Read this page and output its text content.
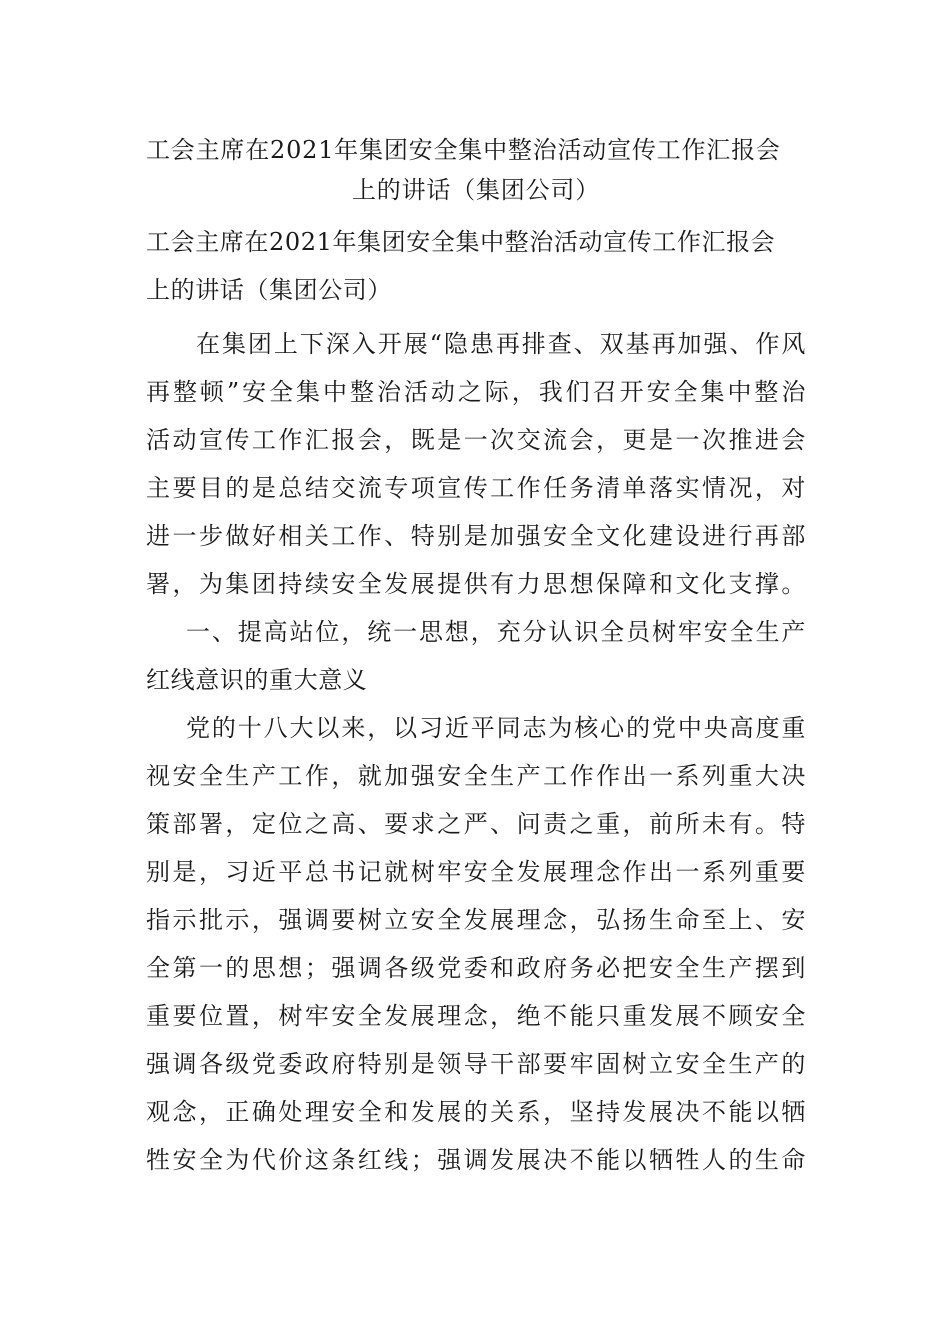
工会主席在2021年集团安全集中整治活动宣传工作汇报会
上的讲话（集团公司）
工会主席在2021年集团安全集中整治活动宣传工作汇报会
上的讲话（集团公司）
在集团上下深入开展“隐患再排查、双基再加强、作风
再整顿”安全集中整治活动之际，我们召开安全集中整治
活动宣传工作汇报会，既是一次交流会，更是一次推进会
主要目的是总结交流专项宣传工作任务清单落实情况，对
进一步做好相关工作、特别是加强安全文化建设进行再部
署，为集团持续安全发展提供有力思想保障和文化支撑。
一、提高站位，统一思想，充分认识全员树牢安全生产
红线意识的重大意义
党的十八大以来，以习近平同志为核心的党中央高度重
视安全生产工作，就加强安全生产工作作出一系列重大决
策部署，定位之高、要求之严、问责之重，前所未有。特
别是，习近平总书记就树牢安全发展理念作出一系列重要
指示批示，强调要树立安全发展理念，弘扬生命至上、安
全第一的思想；强调各级党委和政府务必把安全生产摆到
重要位置，树牢安全发展理念，绝不能只重发展不顾安全
强调各级党委政府特别是领导干部要牢固树立安全生产的
观念，正确处理安全和发展的关系，坚持发展决不能以牺
牲安全为代价这条红线；强调发展决不能以牺牲人的生命
